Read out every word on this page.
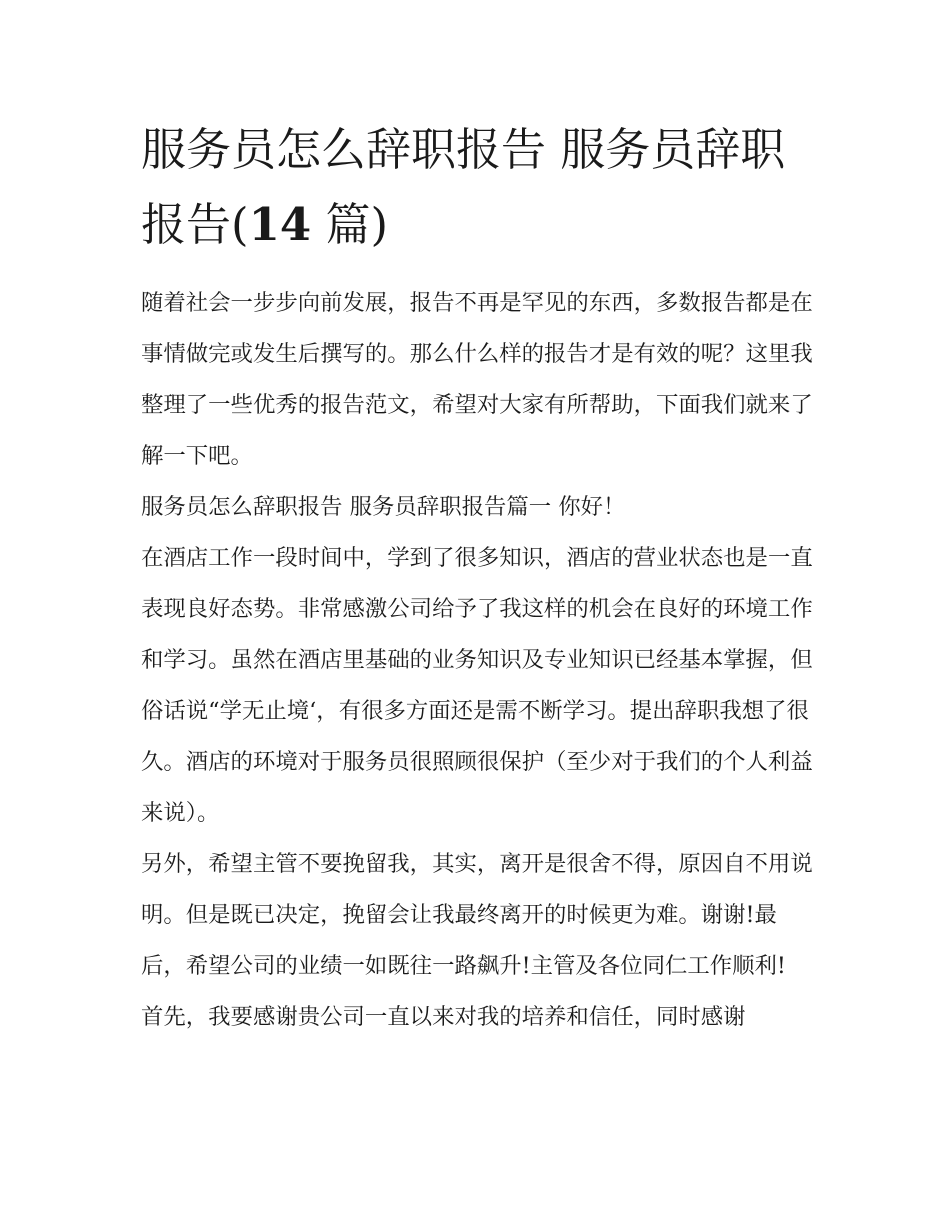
服务员怎么辞职报告 服务员辞职报告(14 篇)

随着社会一步步向前发展，报告不再是罕见的东西，多数报告都是在事情做完或发生后撰写的。那么什么样的报告才是有效的呢？这里我整理了一些优秀的报告范文，希望对大家有所帮助，下面我们就来了解一下吧。

服务员怎么辞职报告 服务员辞职报告篇一 你好！

在酒店工作一段时间中，学到了很多知识，酒店的营业状态也是一直表现良好态势。非常感激公司给予了我这样的机会在良好的环境工作和学习。虽然在酒店里基础的业务知识及专业知识已经基本掌握，但俗话说“学无止境‘，有很多方面还是需不断学习。提出辞职我想了很久。酒店的环境对于服务员很照顾很保护（至少对于我们的个人利益来说）。

另外，希望主管不要挽留我，其实，离开是很舍不得，原因自不用说明。但是既已决定，挽留会让我最终离开的时候更为难。谢谢!最后，希望公司的业绩一如既往一路飙升!主管及各位同仁工作顺利!

首先，我要感谢贵公司一直以来对我的培养和信任，同时感谢
